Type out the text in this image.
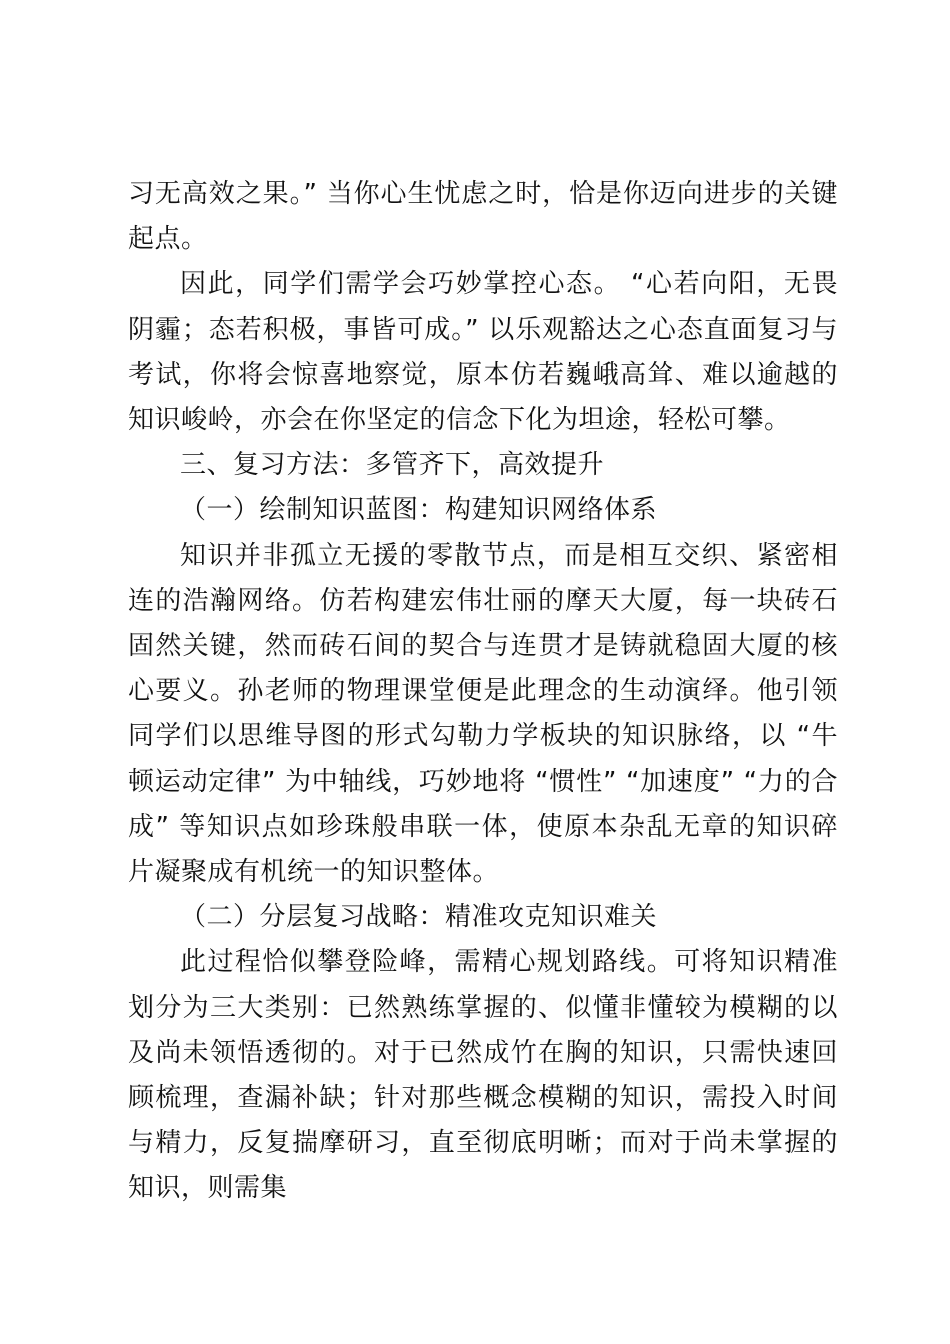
习无高效之果。” 当你心生忧虑之时，恰是你迈向进步的关键起点。

因此，同学们需学会巧妙掌控心态。 “心若向阳，无畏阴霾；态若积极，事皆可成。” 以乐观豁达之心态直面复习与考试，你将会惊喜地察觉，原本仿若巍峨高耸、难以逾越的知识峻岭，亦会在你坚定的信念下化为坦途，轻松可攀。

三、复习方法：多管齐下，高效提升

（一）绘制知识蓝图：构建知识网络体系

知识并非孤立无援的零散节点，而是相互交织、紧密相连的浩瀚网络。仿若构建宏伟壮丽的摩天大厦，每一块砖石固然关键，然而砖石间的契合与连贯才是铸就稳固大厦的核心要义。孙老师的物理课堂便是此理念的生动演绎。他引领同学们以思维导图的形式勾勒力学板块的知识脉络，以 “牛顿运动定律” 为中轴线，巧妙地将 “惯性” “加速度” “力的合成” 等知识点如珍珠般串联一体，使原本杂乱无章的知识碎片凝聚成有机统一的知识整体。

（二）分层复习战略：精准攻克知识难关

此过程恰似攀登险峰，需精心规划路线。可将知识精准划分为三大类别：已然熟练掌握的、似懂非懂较为模糊的以及尚未领悟透彻的。对于已然成竹在胸的知识，只需快速回顾梳理，查漏补缺；针对那些概念模糊的知识，需投入时间与精力，反复揣摩研习，直至彻底明晰；而对于尚未掌握的知识，则需集
